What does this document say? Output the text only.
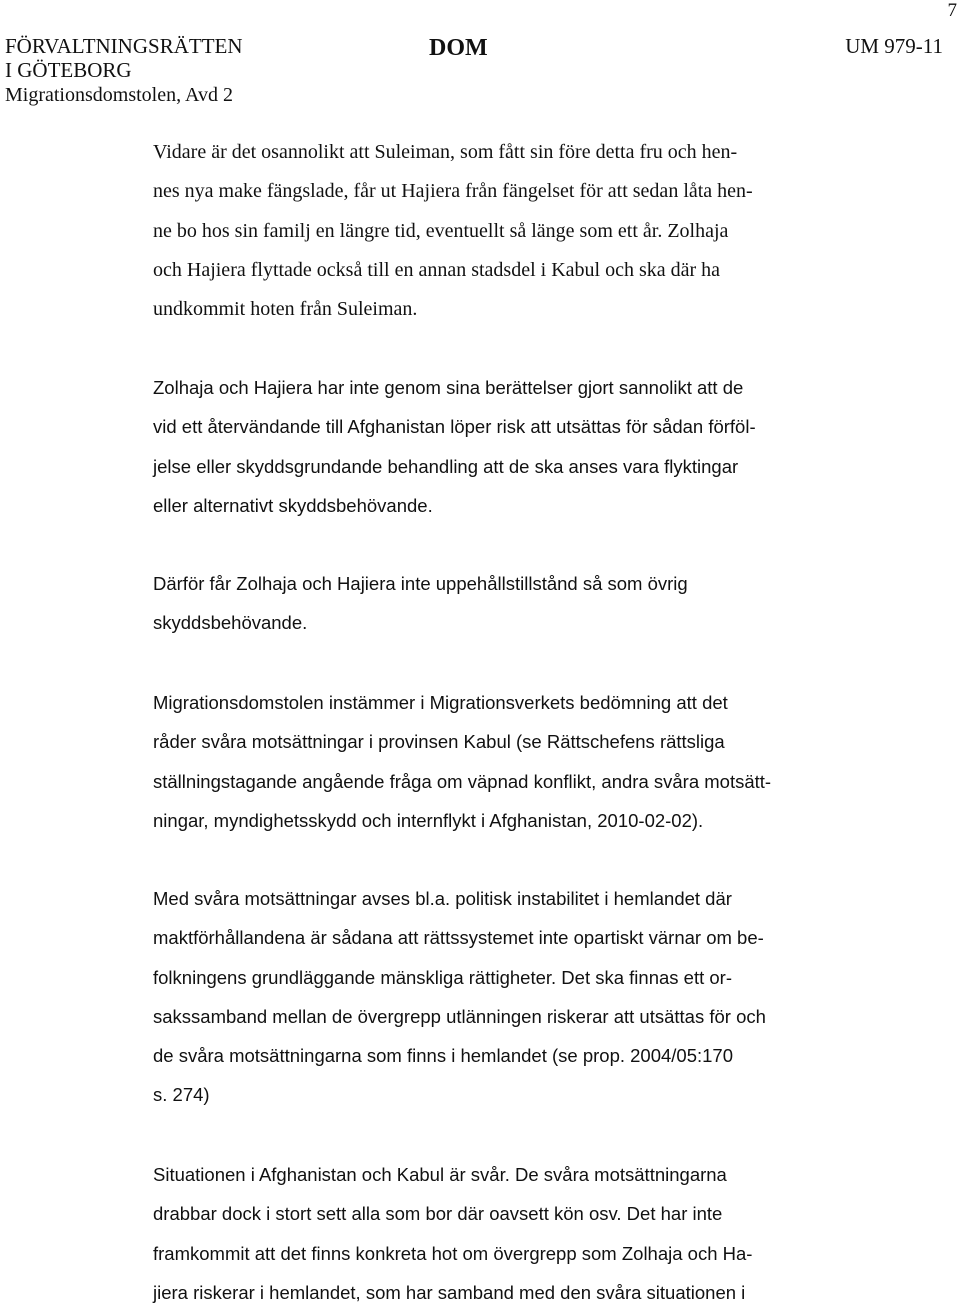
7
FÖRVALTNINGSRÄTTEN
I GÖTEBORG
Migrationsdomstolen, Avd 2
DOM	UM 979-11

Vidare är det osannolikt att Suleiman, som fått sin före detta fru och hen-
nes nya make fängslade, får ut Hajiera från fängelset för att sedan låta hen-
ne bo hos sin familj en längre tid, eventuellt så länge som ett år. Zolhaja
och Hajiera flyttade också till en annan stadsdel i Kabul och ska där ha
undkommit hoten från Suleiman.

Zolhaja och Hajiera har inte genom sina berättelser gjort sannolikt att de
vid ett återvändande till Afghanistan löper risk att utsättas för sådan förföl-
jelse eller skyddsgrundande behandling att de ska anses vara flyktingar
eller alternativt skyddsbehövande.

Därför får Zolhaja och Hajiera inte uppehållstillstånd så som övrig
skyddsbehövande.

Migrationsdomstolen instämmer i Migrationsverkets bedömning att det
råder svåra motsättningar i provinsen Kabul (se Rättschefens rättsliga
ställningstagande angående fråga om väpnad konflikt, andra svåra motsätt-
ningar, myndighetsskydd och internflykt i Afghanistan, 2010-02-02).

Med svåra motsättningar avses bl.a. politisk instabilitet i hemlandet där
maktförhållandena är sådana att rättssystemet inte opartiskt värnar om be-
folkningens grundläggande mänskliga rättigheter. Det ska finnas ett or-
sakssamband mellan de övergrepp utlänningen riskerar att utsättas för och
de svåra motsättningarna som finns i hemlandet (se prop. 2004/05:170
s. 274)

Situationen i Afghanistan och Kabul är svår. De svåra motsättningarna
drabbar dock i stort sett alla som bor där oavsett kön osv. Det har inte
framkommit att det finns konkreta hot om övergrepp som Zolhaja och Ha-
jiera riskerar i hemlandet, som har samband med den svåra situationen i
